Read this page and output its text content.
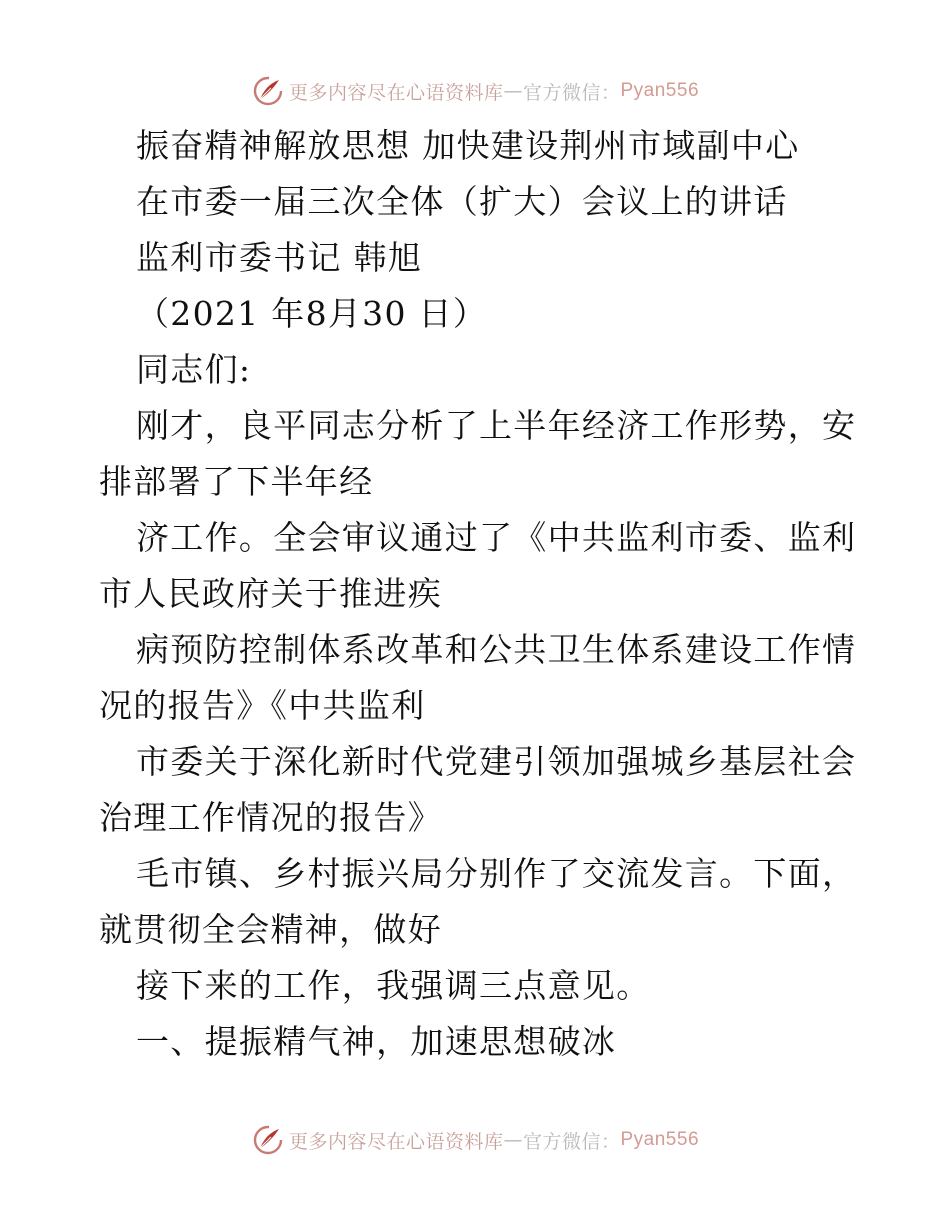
更多内容尽在心语资料库 — 官方微信： Pyan556
振奋精神解放思想 加快建设荆州市域副中心
在市委一届三次全体（扩大）会议上的讲话
监利市委书记 韩旭
（2021 年8月30 日）
同志们:
刚才，良平同志分析了上半年经济工作形势，安
排部署了下半年经
济工作。全会审议通过了《中共监利市委、监利
市人民政府关于推进疾
病预防控制体系改革和公共卫生体系建设工作情
况的报告》《中共监利
市委关于深化新时代党建引领加强城乡基层社会
治理工作情况的报告》
毛市镇、乡村振兴局分别作了交流发言。下面，
就贯彻全会精神，做好
接下来的工作，我强调三点意见。
一、提振精气神，加速思想破冰
更多内容尽在心语资料库 — 官方微信： Pyan556
